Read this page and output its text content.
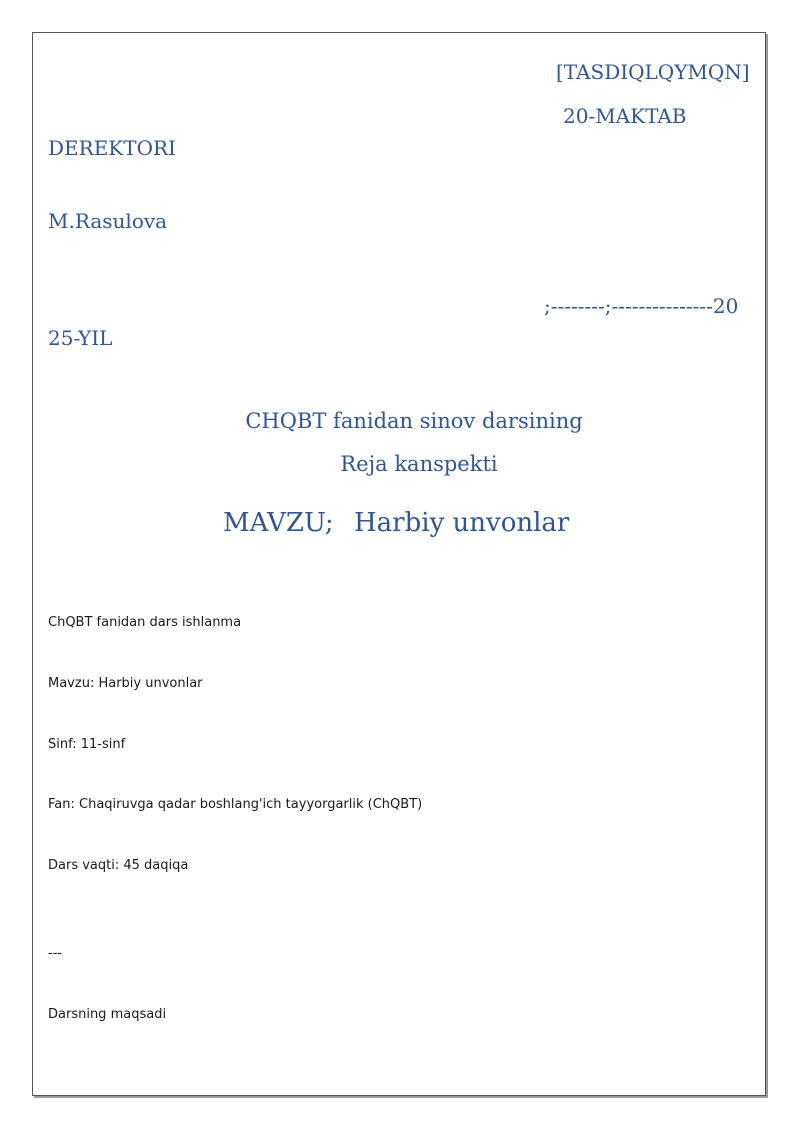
[TASDIQLQYMQN]

20-MAKTAB

DEREKTORI

M.Rasulova

;--------;---------------20

25-YIL

CHQBT fanidan sinov darsining

Reja kanspekti

MAVZU; Harbiy unvonlar

ChQBT fanidan dars ishlanma

Mavzu: Harbiy unvonlar

Sinf: 11-sinf

Fan: Chaqiruvga qadar boshlang'ich tayyorgarlik (ChQBT)

Dars vaqti: 45 daqiqa

---

Darsning maqsadi
